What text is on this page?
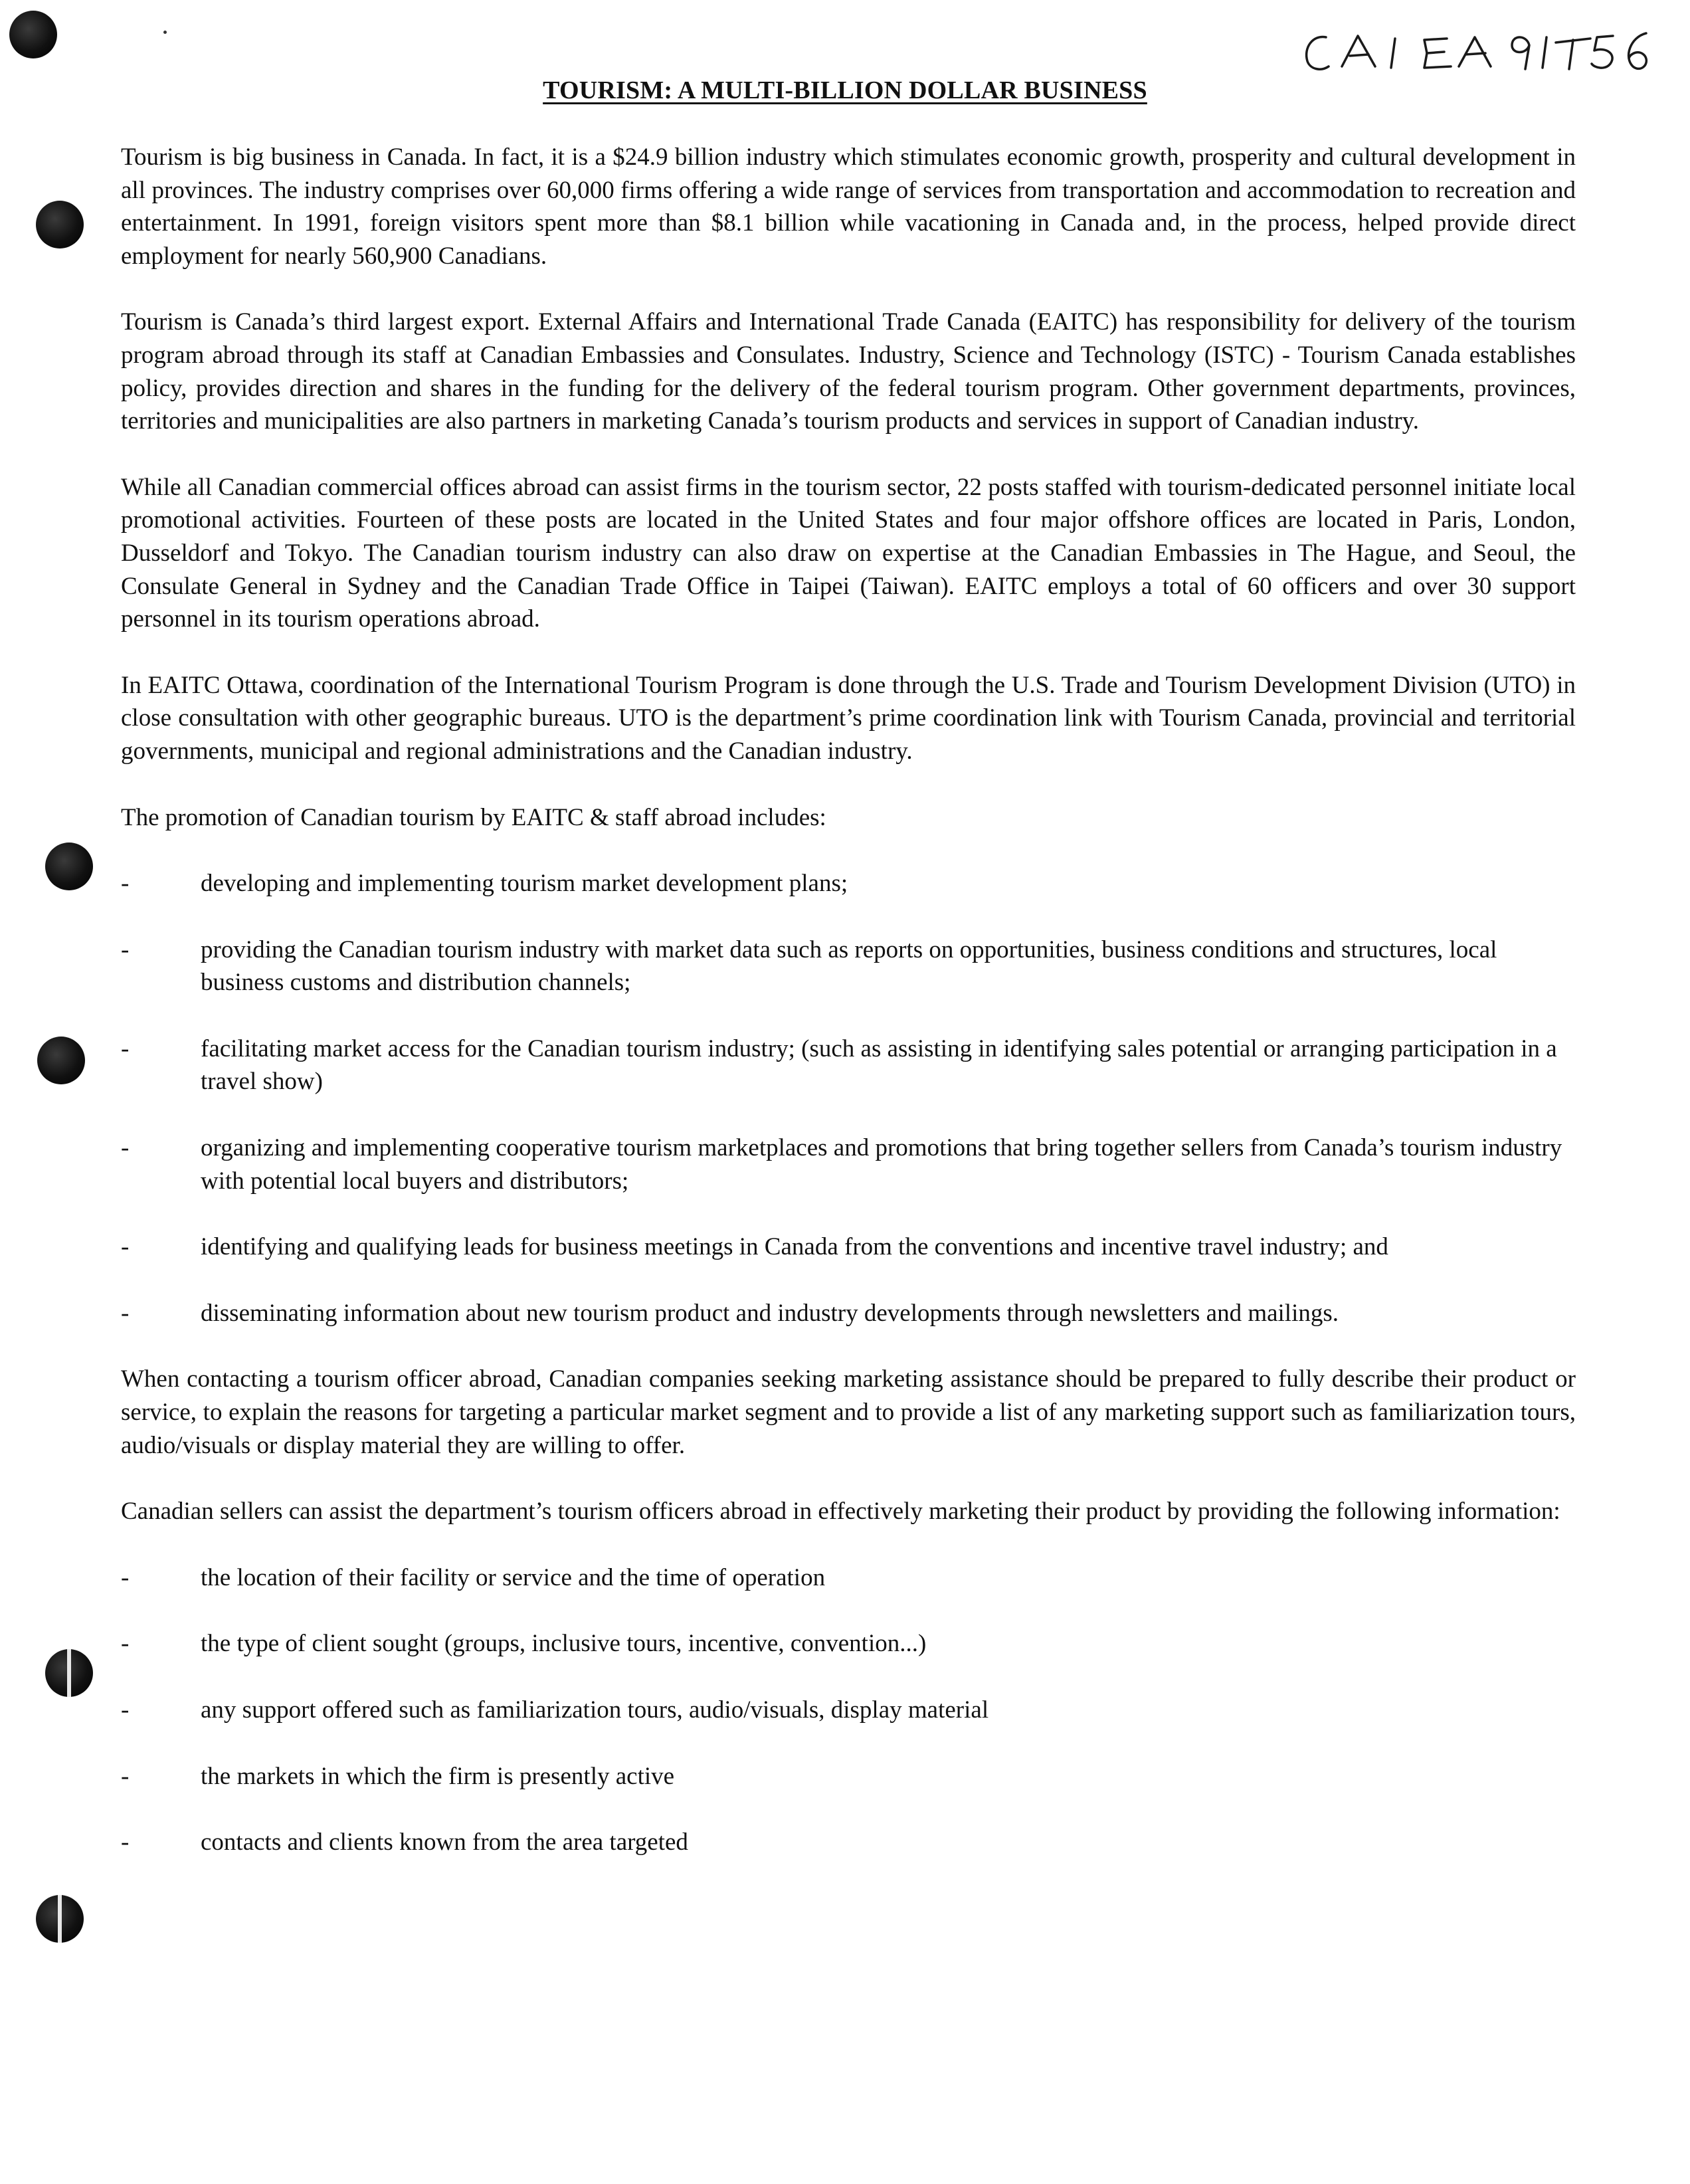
TOURISM: A MULTI-BILLION DOLLAR BUSINESS

Tourism is big business in Canada. In fact, it is a $24.9 billion industry which stimulates economic growth, prosperity and cultural development in all provinces. The industry comprises over 60,000 firms offering a wide range of services from transportation and accommodation to recreation and entertainment. In 1991, foreign visitors spent more than $8.1 billion while vacationing in Canada and, in the process, helped provide direct employment for nearly 560,900 Canadians.

Tourism is Canada’s third largest export. External Affairs and International Trade Canada (EAITC) has responsibility for delivery of the tourism program abroad through its staff at Canadian Embassies and Consulates. Industry, Science and Technology (ISTC) - Tourism Canada establishes policy, provides direction and shares in the funding for the delivery of the federal tourism program. Other government departments, provinces, territories and municipalities are also partners in marketing Canada’s tourism products and services in support of Canadian industry.

While all Canadian commercial offices abroad can assist firms in the tourism sector, 22 posts staffed with tourism-dedicated personnel initiate local promotional activities. Fourteen of these posts are located in the United States and four major offshore offices are located in Paris, London, Dusseldorf and Tokyo. The Canadian tourism industry can also draw on expertise at the Canadian Embassies in The Hague, and Seoul, the Consulate General in Sydney and the Canadian Trade Office in Taipei (Taiwan). EAITC employs a total of 60 officers and over 30 support personnel in its tourism operations abroad.

In EAITC Ottawa, coordination of the International Tourism Program is done through the U.S. Trade and Tourism Development Division (UTO) in close consultation with other geographic bureaus. UTO is the department’s prime coordination link with Tourism Canada, provincial and territorial governments, municipal and regional administrations and the Canadian industry.

The promotion of Canadian tourism by EAITC & staff abroad includes:

-	developing and implementing tourism market development plans;
-	providing the Canadian tourism industry with market data such as reports on opportunities, business conditions and structures, local business customs and distribution channels;
-	facilitating market access for the Canadian tourism industry; (such as assisting in identifying sales potential or arranging participation in a travel show)
-	organizing and implementing cooperative tourism marketplaces and promotions that bring together sellers from Canada’s tourism industry with potential local buyers and distributors;
-	identifying and qualifying leads for business meetings in Canada from the conventions and incentive travel industry; and
-	disseminating information about new tourism product and industry developments through newsletters and mailings.

When contacting a tourism officer abroad, Canadian companies seeking marketing assistance should be prepared to fully describe their product or service, to explain the reasons for targeting a particular market segment and to provide a list of any marketing support such as familiarization tours, audio/visuals or display material they are willing to offer.

Canadian sellers can assist the department’s tourism officers abroad in effectively marketing their product by providing the following information:

-	the location of their facility or service and the time of operation
-	the type of client sought (groups, inclusive tours, incentive, convention...)
-	any support offered such as familiarization tours, audio/visuals, display material
-	the markets in which the firm is presently active
-	contacts and clients known from the area targeted
